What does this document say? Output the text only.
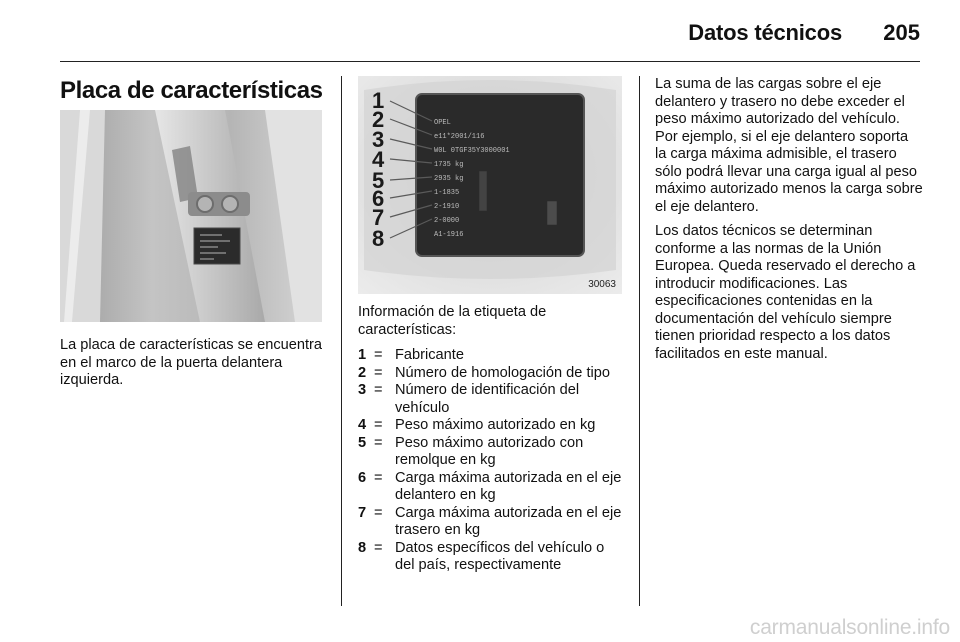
Datos técnicos 205
Placa de características

La placa de características se encuentra en el marco de la puerta delantera izquierda.

OPEL
e11*2001/116
W0L 0TGF35Y3000001
1735 kg
2935 kg
1-1835
2-1910
2-0000
A1-1916
1
2
3
4
5
6
7
8
30063

Información de la etiqueta de características:

1 = Fabricante
2 = Número de homologación de tipo
3 = Número de identificación del vehículo
4 = Peso máximo autorizado en kg
5 = Peso máximo autorizado con remolque en kg
6 = Carga máxima autorizada en el eje delantero en kg
7 = Carga máxima autorizada en el eje trasero en kg
8 = Datos específicos del vehículo o del país, respectivamente

La suma de las cargas sobre el eje delantero y trasero no debe exceder el peso máximo autorizado del vehículo. Por ejemplo, si el eje delantero soporta la carga máxima admisible, el trasero sólo podrá llevar una carga igual al peso máximo autorizado menos la carga sobre el eje delantero.

Los datos técnicos se determinan conforme a las normas de la Unión Europea. Queda reservado el derecho a introducir modificaciones. Las especificaciones contenidas en la documentación del vehículo siempre tienen prioridad respecto a los datos facilitados en este manual.

carmanualsonline.info
